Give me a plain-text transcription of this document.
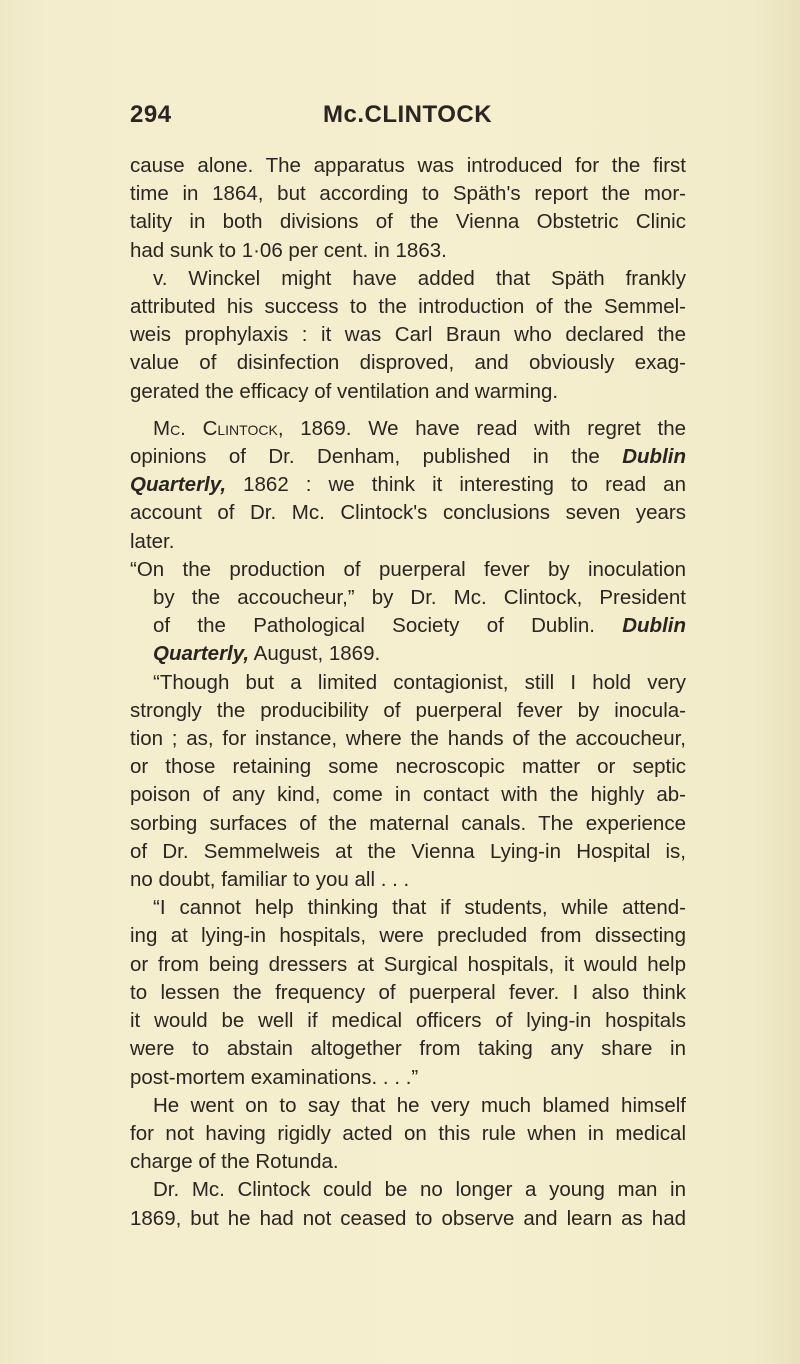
294	Mc.CLINTOCK
cause alone. The apparatus was introduced for the first
time in 1864, but according to Späth's report the mor-
tality in both divisions of the Vienna Obstetric Clinic
had sunk to 1·06 per cent. in 1863.
v. Winckel might have added that Späth frankly
attributed his success to the introduction of the Semmel-
weis prophylaxis : it was Carl Braun who declared the
value of disinfection disproved, and obviously exag-
gerated the efficacy of ventilation and warming.
Mc. Clintock, 1869. We have read with regret the
opinions of Dr. Denham, published in the Dublin
Quarterly, 1862 : we think it interesting to read an
account of Dr. Mc. Clintock's conclusions seven years
later.
“On the production of puerperal fever by inoculation
by the accoucheur,” by Dr. Mc. Clintock, President
of the Pathological Society of Dublin. Dublin
Quarterly, August, 1869.
“Though but a limited contagionist, still I hold very
strongly the producibility of puerperal fever by inocula-
tion ; as, for instance, where the hands of the accoucheur,
or those retaining some necroscopic matter or septic
poison of any kind, come in contact with the highly ab-
sorbing surfaces of the maternal canals. The experience
of Dr. Semmelweis at the Vienna Lying-in Hospital is,
no doubt, familiar to you all . . .
“I cannot help thinking that if students, while attend-
ing at lying-in hospitals, were precluded from dissecting
or from being dressers at Surgical hospitals, it would help
to lessen the frequency of puerperal fever. I also think
it would be well if medical officers of lying-in hospitals
were to abstain altogether from taking any share in
post-mortem examinations. . . .”
He went on to say that he very much blamed himself
for not having rigidly acted on this rule when in medical
charge of the Rotunda.
Dr. Mc. Clintock could be no longer a young man in
1869, but he had not ceased to observe and learn as had
